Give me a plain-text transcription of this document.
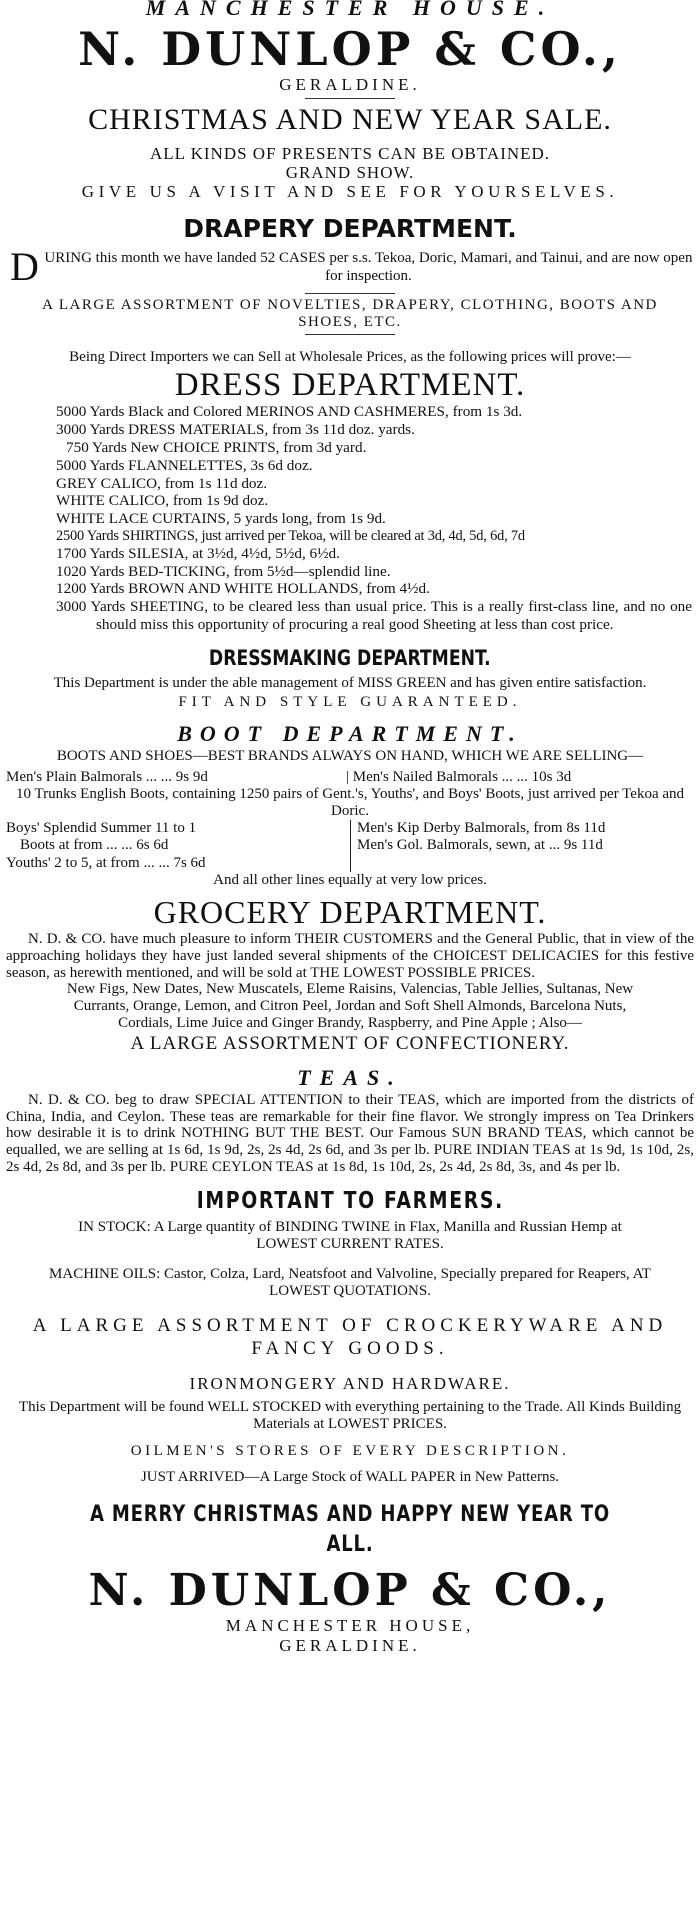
MANCHESTER HOUSE.
N. DUNLOP & CO.,
GERALDINE.
CHRISTMAS AND NEW YEAR SALE.
ALL KINDS OF PRESENTS CAN BE OBTAINED.
GRAND SHOW.
GIVE US A VISIT AND SEE FOR YOURSELVES.
DRAPERY DEPARTMENT.
D URING this month we have landed 52 CASES per s.s. Tekoa, Doric, Mamari, and Tainui, and are now open for inspection.
A LARGE ASSORTMENT OF NOVELTIES, DRAPERY, CLOTHING, BOOTS AND SHOES, ETC.
Being Direct Importers we can Sell at Wholesale Prices, as the following prices will prove:—
DRESS DEPARTMENT.
5000 Yards Black and Colored MERINOS AND CASHMERES, from 1s 3d.
3000 Yards DRESS MATERIALS, from 3s 11d doz. yards.
750 Yards New CHOICE PRINTS, from 3d yard.
5000 Yards FLANNELETTES, 3s 6d doz.
GREY CALICO, from 1s 11d doz.
WHITE CALICO, from 1s 9d doz.
WHITE LACE CURTAINS, 5 yards long, from 1s 9d.
2500 Yards SHIRTINGS, just arrived per Tekoa, will be cleared at 3d, 4d, 5d, 6d, 7d
1700 Yards SILESIA, at 3½d, 4½d, 5½d, 6½d.
1020 Yards BED-TICKING, from 5½d—splendid line.
1200 Yards BROWN AND WHITE HOLLANDS, from 4½d.
3000 Yards SHEETING, to be cleared less than usual price. This is a really first-class line, and no one should miss this opportunity of procuring a real good Sheeting at less than cost price.
DRESSMAKING DEPARTMENT.
This Department is under the able management of MISS GREEN and has given entire satisfaction.
FIT AND STYLE GUARANTEED.
BOOT DEPARTMENT.
BOOTS AND SHOES—BEST BRANDS ALWAYS ON HAND, WHICH WE ARE SELLING—
Men's Plain Balmorals ... ... 9s 9d	| Men's Nailed Balmorals ... ... 10s 3d
10 Trunks English Boots, containing 1250 pairs of Gent.'s, Youths', and Boys' Boots, just arrived per Tekoa and Doric.
Boys' Splendid Summer 11 to 1
Boots at from ... ... 6s 6d
Youths' 2 to 5, at from ... ... 7s 6d
Men's Kip Derby Balmorals, from 8s 11d
Men's Gol. Balmorals, sewn, at ... 9s 11d
And all other lines equally at very low prices.
GROCERY DEPARTMENT.
N. D. & CO. have much pleasure to inform THEIR CUSTOMERS and the General Public, that in view of the approaching holidays they have just landed several shipments of the CHOICEST DELICACIES for this festive season, as herewith mentioned, and will be sold at THE LOWEST POSSIBLE PRICES.
New Figs, New Dates, New Muscatels, Eleme Raisins, Valencias, Table Jellies, Sultanas, New Currants, Orange, Lemon, and Citron Peel, Jordan and Soft Shell Almonds, Barcelona Nuts, Cordials, Lime Juice and Ginger Brandy, Raspberry, and Pine Apple ; Also—
A LARGE ASSORTMENT OF CONFECTIONERY.
TEAS.
N. D. & CO. beg to draw SPECIAL ATTENTION to their TEAS, which are imported from the districts of China, India, and Ceylon. These teas are remarkable for their fine flavor. We strongly impress on Tea Drinkers how desirable it is to drink NOTHING BUT THE BEST. Our Famous SUN BRAND TEAS, which cannot be equalled, we are selling at 1s 6d, 1s 9d, 2s, 2s 4d, 2s 6d, and 3s per lb. PURE INDIAN TEAS at 1s 9d, 1s 10d, 2s, 2s 4d, 2s 8d, and 3s per lb. PURE CEYLON TEAS at 1s 8d, 1s 10d, 2s, 2s 4d, 2s 8d, 3s, and 4s per lb.
IMPORTANT TO FARMERS.
IN STOCK: A Large quantity of BINDING TWINE in Flax, Manilla and Russian Hemp at LOWEST CURRENT RATES.
MACHINE OILS: Castor, Colza, Lard, Neatsfoot and Valvoline, Specially prepared for Reapers, AT LOWEST QUOTATIONS.
A LARGE ASSORTMENT OF CROCKERYWARE AND FANCY GOODS.
IRONMONGERY AND HARDWARE.
This Department will be found WELL STOCKED with everything pertaining to the Trade. All Kinds Building Materials at LOWEST PRICES.
OILMEN'S STORES OF EVERY DESCRIPTION.
JUST ARRIVED—A Large Stock of WALL PAPER in New Patterns.
A MERRY CHRISTMAS AND HAPPY NEW YEAR TO ALL.
N. DUNLOP & CO.,
MANCHESTER HOUSE,
GERALDINE.
